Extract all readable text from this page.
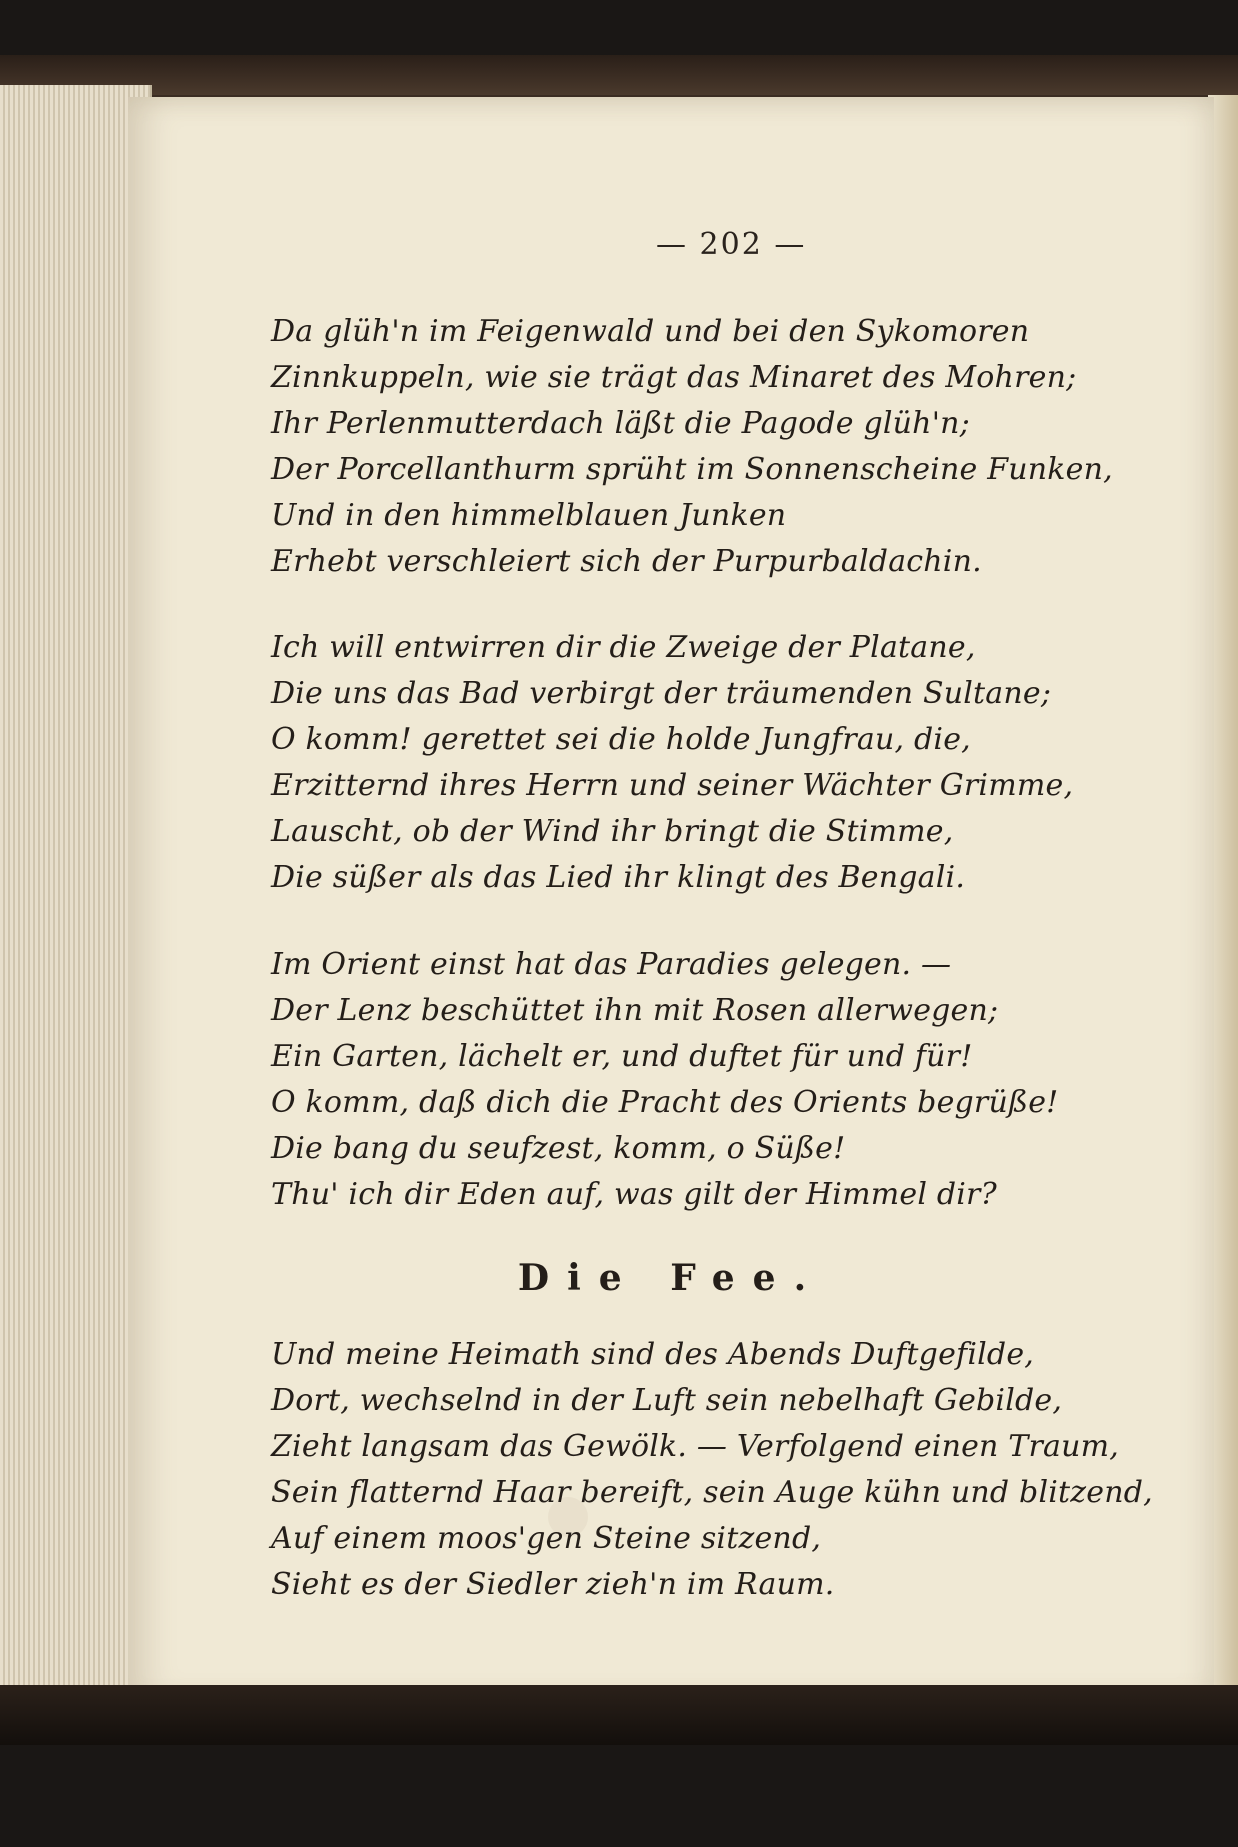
— 202 —
Da glüh'n im Feigenwald und bei den Sykomoren
Zinnkuppeln, wie sie trägt das Minaret des Mohren;
Ihr Perlenmutterdach läßt die Pagode glüh'n;
Der Porcellanthurm sprüht im Sonnenscheine Funken,
Und in den himmelblauen Junken
Erhebt verschleiert sich der Purpurbaldachin.
Ich will entwirren dir die Zweige der Platane,
Die uns das Bad verbirgt der träumenden Sultane;
O komm! gerettet sei die holde Jungfrau, die,
Erzitternd ihres Herrn und seiner Wächter Grimme,
Lauscht, ob der Wind ihr bringt die Stimme,
Die süßer als das Lied ihr klingt des Bengali.
Im Orient einst hat das Paradies gelegen. —
Der Lenz beschüttet ihn mit Rosen allerwegen;
Ein Garten, lächelt er, und duftet für und für!
O komm, daß dich die Pracht des Orients begrüße!
Die bang du seufzest, komm, o Süße!
Thu' ich dir Eden auf, was gilt der Himmel dir?
Die Fee.
Und meine Heimath sind des Abends Duftgefilde,
Dort, wechselnd in der Luft sein nebelhaft Gebilde,
Zieht langsam das Gewölk. — Verfolgend einen Traum,
Sein flatternd Haar bereift, sein Auge kühn und blitzend,
Auf einem moos'gen Steine sitzend,
Sieht es der Siedler zieh'n im Raum.
